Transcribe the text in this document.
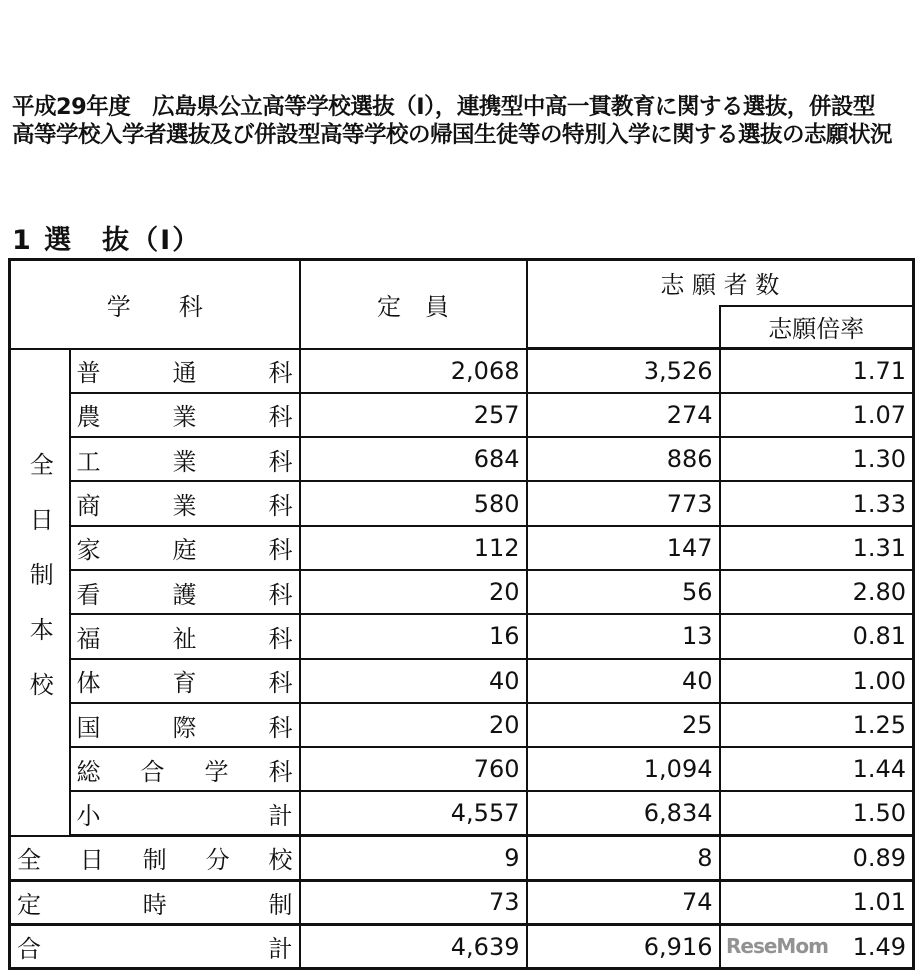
平成29年度　広島県公立高等学校選抜（Ⅰ），連携型中高一貫教育に関する選抜，併設型高等学校入学者選抜及び併設型高等学校の帰国生徒等の特別入学に関する選抜の志願状況
1 選　抜（Ⅰ）
学　　科		定　員	志 願 者 数	
				志願倍率
全日制本校	普通科	2,068	3,526	1.71
	農業科	257	274	1.07
	工業科	684	886	1.30
	商業科	580	773	1.33
	家庭科	112	147	1.31
	看護科	20	56	2.80
	福祉科	16	13	0.81
	体育科	40	40	1.00
	国際科	20	25	1.25
	総合学科	760	1,094	1.44
	小計	4,557	6,834	1.50
全日制分校		9	8	0.89
定時制		73	74	1.01
合計		4,639	6,916	1.49
ReseMom
